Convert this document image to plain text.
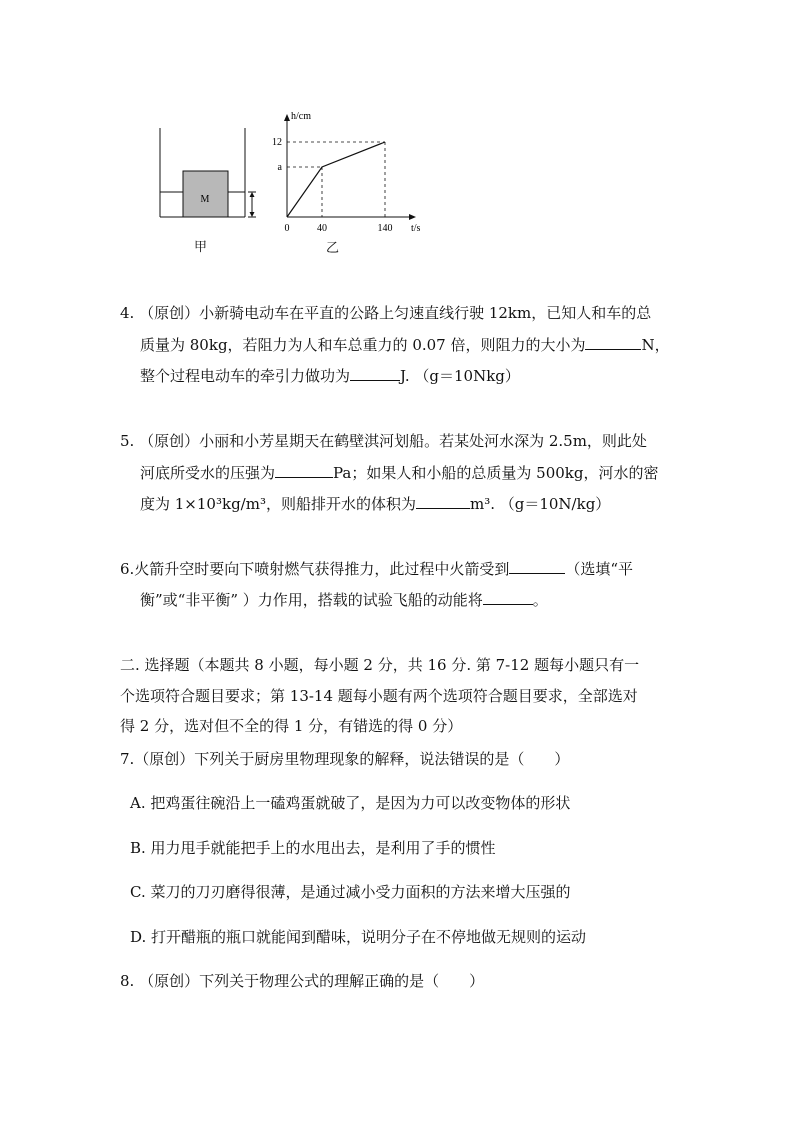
M
h/cm
t/s
12
a
0	40	140
甲	乙
4. （原创）小新骑电动车在平直的公路上匀速直线行驶 12km，已知人和车的总
质量为 80kg，若阻力为人和车总重力的 0.07 倍，则阻力的大小为	N，
整个过程电动车的牵引力做功为	J. （g＝10Nkg）
5. （原创）小丽和小芳星期天在鹤壁淇河划船。若某处河水深为 2.5m，则此处
河底所受水的压强为	Pa；如果人和小船的总质量为 500kg，河水的密
度为 1×10³kg/m³，则船排开水的体积为	m³. （g＝10N/kg）
6.火箭升空时要向下喷射燃气获得推力，此过程中火箭受到	（选填“平
衡”或“非平衡” ）力作用，搭载的试验飞船的动能将	。
二. 选择题（本题共 8 小题，每小题 2 分，共 16 分. 第 7-12 题每小题只有一
个选项符合题目要求；第 13-14 题每小题有两个选项符合题目要求，全部选对
得 2 分，选对但不全的得 1 分，有错选的得 0 分）
7.（原创）下列关于厨房里物理现象的解释，说法错误的是（　　）
A. 把鸡蛋往碗沿上一磕鸡蛋就破了，是因为力可以改变物体的形状
B. 用力甩手就能把手上的水甩出去，是利用了手的惯性
C. 菜刀的刀刃磨得很薄，是通过减小受力面积的方法来增大压强的
D. 打开醋瓶的瓶口就能闻到醋味，说明分子在不停地做无规则的运动
8. （原创）下列关于物理公式的理解正确的是（　　）
